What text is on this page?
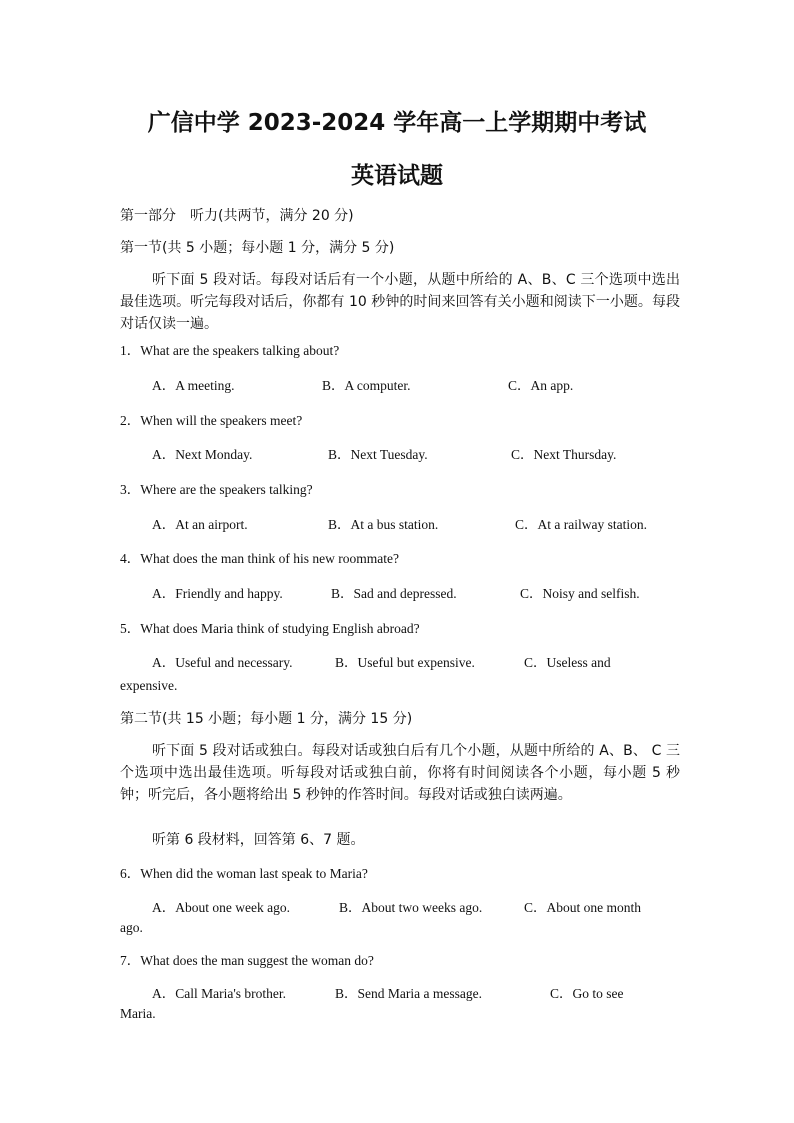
广信中学 2023-2024 学年高一上学期期中考试
英语试题
第一部分　听力(共两节，满分 20 分)
第一节(共 5 小题；每小题 1 分，满分 5 分)
听下面 5 段对话。每段对话后有一个小题，从题中所给的 A、B、C 三个选项中选出最佳选项。听完每段对话后，你都有 10 秒钟的时间来回答有关小题和阅读下一小题。每段对话仅读一遍。
1．What are the speakers talking about?
A．A meeting.	B．A computer.	C．An app.
2．When will the speakers meet?
A．Next Monday.	B．Next Tuesday.	C．Next Thursday.
3．Where are the speakers talking?
A．At an airport.	B．At a bus station.	C．At a railway station.
4．What does the man think of his new roommate?
A．Friendly and happy.	B．Sad and depressed.	C．Noisy and selfish.
5．What does Maria think of studying English abroad?
A．Useful and necessary.	B．Useful but expensive.	C．Useless and
expensive.
第二节(共 15 小题；每小题 1 分，满分 15 分)
听下面 5 段对话或独白。每段对话或独白后有几个小题，从题中所给的 A、B、 C 三个选项中选出最佳选项。听每段对话或独白前，你将有时间阅读各个小题，每小题 5 秒钟；听完后，各小题将给出 5 秒钟的作答时间。每段对话或独白读两遍。
听第 6 段材料，回答第 6、7 题。
6．When did the woman last speak to Maria?
A．About one week ago.	B．About two weeks ago.	C．About one month
ago.
7．What does the man suggest the woman do?
A．Call Maria's brother.	B．Send Maria a message.	C．Go to see
Maria.
